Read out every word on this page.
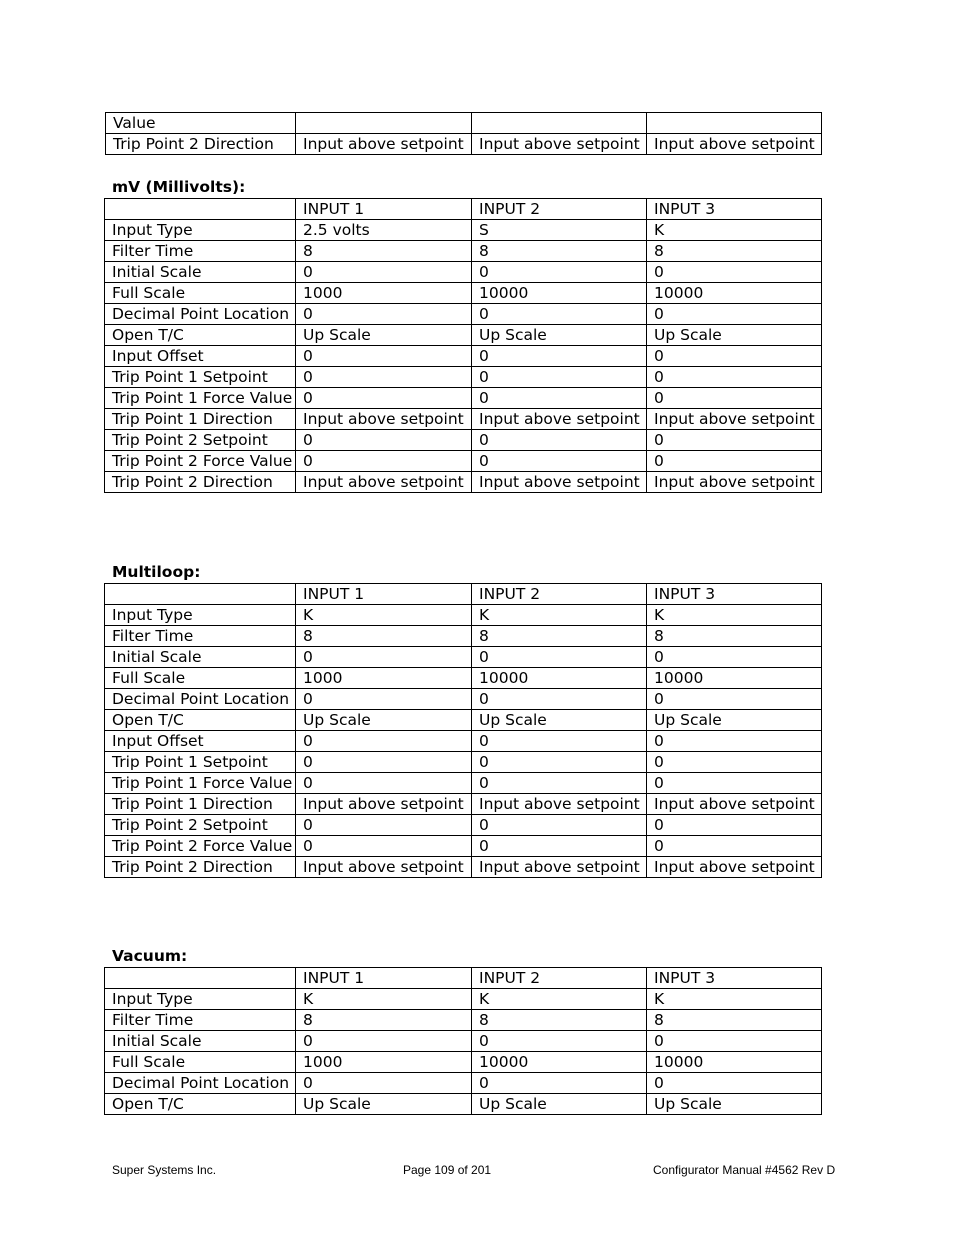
Value			
Trip Point 2 Direction	Input above setpoint	Input above setpoint	Input above setpoint
mV (Millivolts):
	INPUT 1	INPUT 2	INPUT 3
Input Type	2.5 volts	S	K
Filter Time	8	8	8
Initial Scale	0	0	0
Full Scale	1000	10000	10000
Decimal Point Location	0	0	0
Open T/C	Up Scale	Up Scale	Up Scale
Input Offset	0	0	0
Trip Point 1 Setpoint	0	0	0
Trip Point 1 Force Value	0	0	0
Trip Point 1 Direction	Input above setpoint	Input above setpoint	Input above setpoint
Trip Point 2 Setpoint	0	0	0
Trip Point 2 Force Value	0	0	0
Trip Point 2 Direction	Input above setpoint	Input above setpoint	Input above setpoint
Multiloop:
	INPUT 1	INPUT 2	INPUT 3
Input Type	K	K	K
Filter Time	8	8	8
Initial Scale	0	0	0
Full Scale	1000	10000	10000
Decimal Point Location	0	0	0
Open T/C	Up Scale	Up Scale	Up Scale
Input Offset	0	0	0
Trip Point 1 Setpoint	0	0	0
Trip Point 1 Force Value	0	0	0
Trip Point 1 Direction	Input above setpoint	Input above setpoint	Input above setpoint
Trip Point 2 Setpoint	0	0	0
Trip Point 2 Force Value	0	0	0
Trip Point 2 Direction	Input above setpoint	Input above setpoint	Input above setpoint
Vacuum:
	INPUT 1	INPUT 2	INPUT 3
Input Type	K	K	K
Filter Time	8	8	8
Initial Scale	0	0	0
Full Scale	1000	10000	10000
Decimal Point Location	0	0	0
Open T/C	Up Scale	Up Scale	Up Scale
Super Systems Inc.	Page 109 of 201	Configurator Manual #4562 Rev D
